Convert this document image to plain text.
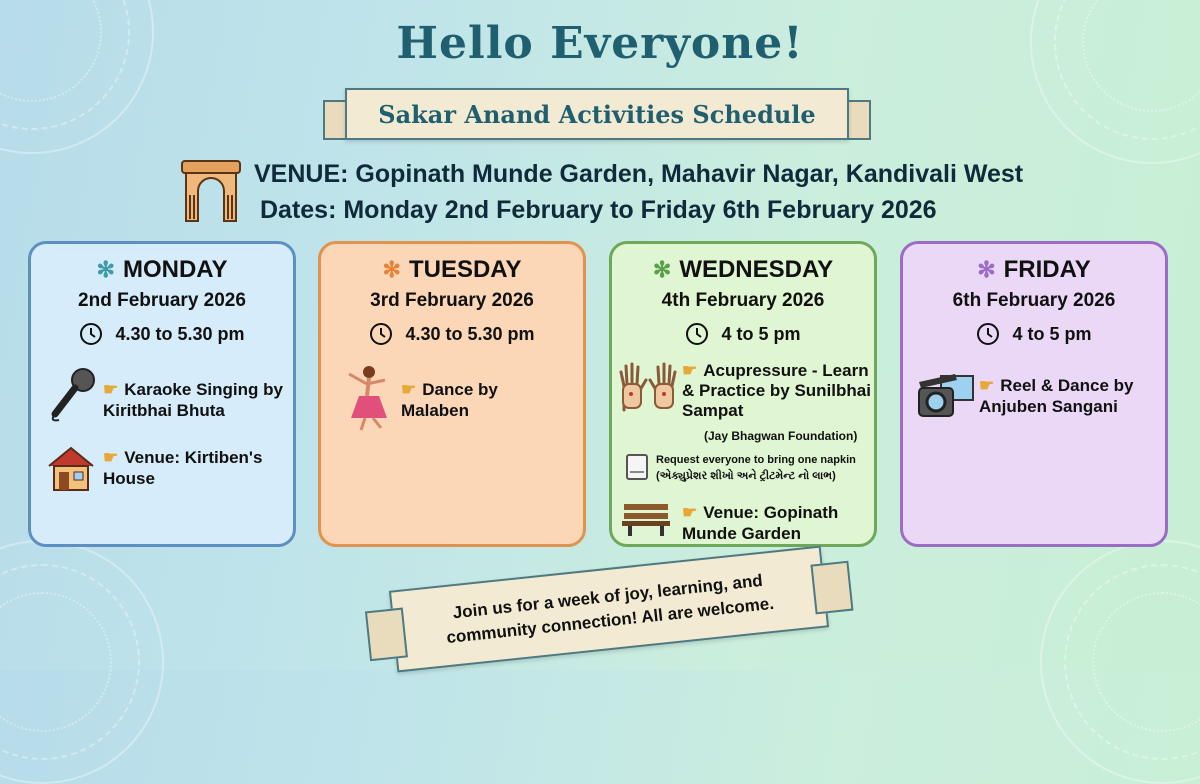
Hello Everyone!
Sakar Anand Activities Schedule
VENUE: Gopinath Munde Garden, Mahavir Nagar, Kandivali West
Dates: Monday 2nd February to Friday 6th February 2026
✻ MONDAY
2nd February 2026
4.30 to 5.30 pm
☛ Karaoke Singing by Kiritbhai Bhuta
☛ Venue: Kirtiben's House
✻ TUESDAY
3rd February 2026
4.30 to 5.30 pm
☛ Dance by Malaben
✻ WEDNESDAY
4th February 2026
4 to 5 pm
☛ Acupressure - Learn & Practice by Sunilbhai Sampat
(Jay Bhagwan Foundation)
Request everyone to bring one napkin
(એક્યુપ્રેશર શીખો અને ટ્રીટમેન્ટ નો લાભ)
☛ Venue: Gopinath Munde Garden
✻ FRIDAY
6th February 2026
4 to 5 pm
☛ Reel & Dance by Anjuben Sangani
Join us for a week of joy, learning, and community connection! All are welcome.
